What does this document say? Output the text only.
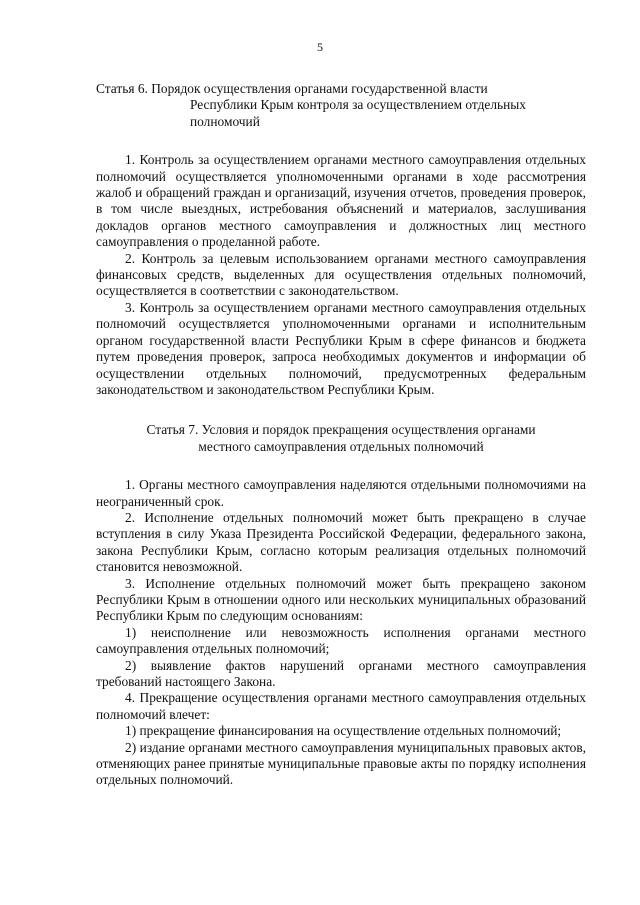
5
Статья 6. Порядок осуществления органами государственной власти
Республики Крым контроля за осуществлением отдельных
полномочий

1. Контроль за осуществлением органами местного самоуправления отдельных полномочий осуществляется уполномоченными органами в ходе рассмотрения жалоб и обращений граждан и организаций, изучения отчетов, проведения проверок, в том числе выездных, истребования объяснений и материалов, заслушивания докладов органов местного самоуправления и должностных лиц местного самоуправления о проделанной работе.

2. Контроль за целевым использованием органами местного самоуправления финансовых средств, выделенных для осуществления отдельных полномочий, осуществляется в соответствии с законодательством.

3. Контроль за осуществлением органами местного самоуправления отдельных полномочий осуществляется уполномоченными органами и исполнительным органом государственной власти Республики Крым в сфере финансов и бюджета путем проведения проверок, запроса необходимых документов и информации об осуществлении отдельных полномочий, предусмотренных федеральным законодательством и законодательством Республики Крым.

Статья 7. Условия и порядок прекращения осуществления органами
местного самоуправления отдельных полномочий

1. Органы местного самоуправления наделяются отдельными полномочиями на неограниченный срок.

2. Исполнение отдельных полномочий может быть прекращено в случае вступления в силу Указа Президента Российской Федерации, федерального закона, закона Республики Крым, согласно которым реализация отдельных полномочий становится невозможной.

3. Исполнение отдельных полномочий может быть прекращено законом Республики Крым в отношении одного или нескольких муниципальных образований Республики Крым по следующим основаниям:

1) неисполнение или невозможность исполнения органами местного самоуправления отдельных полномочий;

2) выявление фактов нарушений органами местного самоуправления требований настоящего Закона.

4. Прекращение осуществления органами местного самоуправления отдельных полномочий влечет:

1) прекращение финансирования на осуществление отдельных полномочий;

2) издание органами местного самоуправления муниципальных правовых актов, отменяющих ранее принятые муниципальные правовые акты по порядку исполнения отдельных полномочий.
